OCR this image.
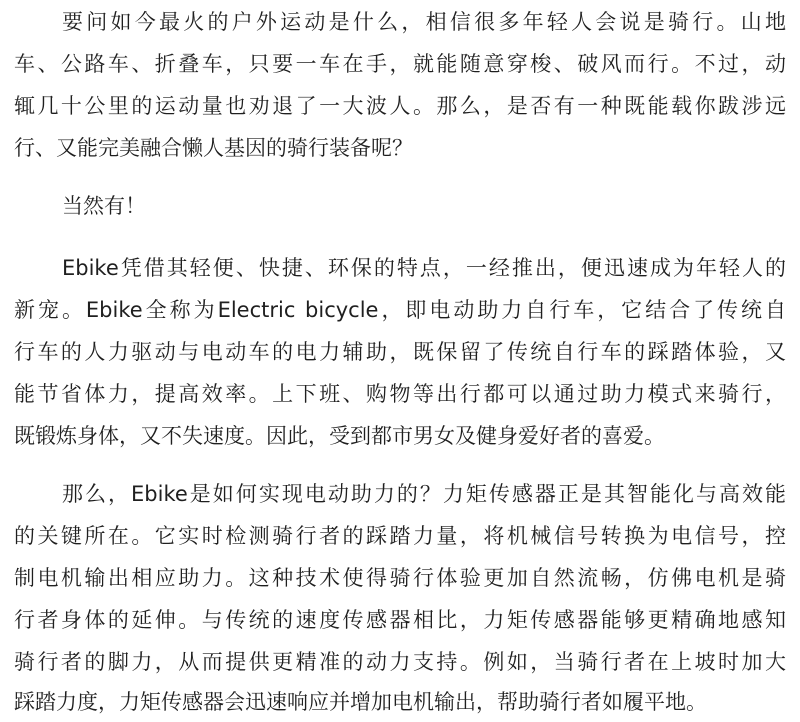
要问如今最火的户外运动是什么，相信很多年轻人会说是骑行。山地
车、公路车、折叠车，只要一车在手，就能随意穿梭、破风而行。不过，动
辄几十公里的运动量也劝退了一大波人。那么，是否有一种既能载你跋涉远
行、又能完美融合懒人基因的骑行装备呢？
当然有！
Ebike凭借其轻便、快捷、环保的特点，一经推出，便迅速成为年轻人的
新宠。Ebike全称为Electric bicycle，即电动助力自行车，它结合了传统自
行车的人力驱动与电动车的电力辅助，既保留了传统自行车的踩踏体验，又
能节省体力，提高效率。上下班、购物等出行都可以通过助力模式来骑行，
既锻炼身体，又不失速度。因此，受到都市男女及健身爱好者的喜爱。
那么，Ebike是如何实现电动助力的？力矩传感器正是其智能化与高效能
的关键所在。它实时检测骑行者的踩踏力量，将机械信号转换为电信号，控
制电机输出相应助力。这种技术使得骑行体验更加自然流畅，仿佛电机是骑
行者身体的延伸。与传统的速度传感器相比，力矩传感器能够更精确地感知
骑行者的脚力，从而提供更精准的动力支持。例如，当骑行者在上坡时加大
踩踏力度，力矩传感器会迅速响应并增加电机输出，帮助骑行者如履平地。
